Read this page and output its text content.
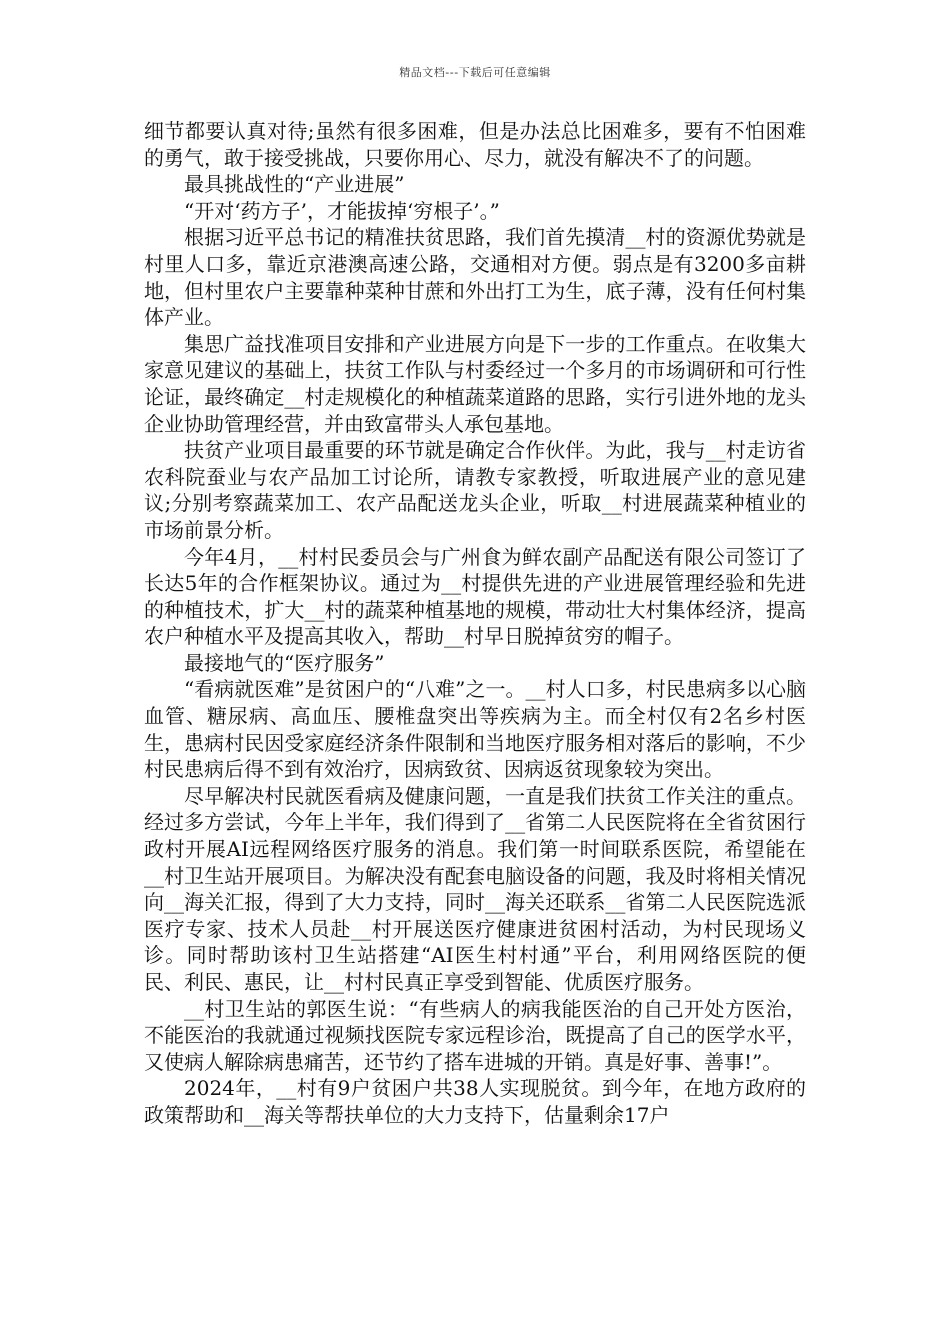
精品文档---下载后可任意编辑

细节都要认真对待;虽然有很多困难，但是办法总比困难多，要有不怕困难的勇气，敢于接受挑战，只要你用心、尽力，就没有解决不了的问题。

最具挑战性的“产业进展”

“开对‘药方子’，才能拔掉‘穷根子’。”

根据习近平总书记的精准扶贫思路，我们首先摸清__村的资源优势就是村里人口多，靠近京港澳高速公路，交通相对方便。弱点是有3200多亩耕地，但村里农户主要靠种菜种甘蔗和外出打工为生，底子薄，没有任何村集体产业。

集思广益找准项目安排和产业进展方向是下一步的工作重点。在收集大家意见建议的基础上，扶贫工作队与村委经过一个多月的市场调研和可行性论证，最终确定__村走规模化的种植蔬菜道路的思路，实行引进外地的龙头企业协助管理经营，并由致富带头人承包基地。

扶贫产业项目最重要的环节就是确定合作伙伴。为此，我与__村走访省农科院蚕业与农产品加工讨论所，请教专家教授，听取进展产业的意见建议;分别考察蔬菜加工、农产品配送龙头企业，听取__村进展蔬菜种植业的市场前景分析。

今年4月，__村村民委员会与广州食为鲜农副产品配送有限公司签订了长达5年的合作框架协议。通过为__村提供先进的产业进展管理经验和先进的种植技术，扩大__村的蔬菜种植基地的规模，带动壮大村集体经济，提高农户种植水平及提高其收入，帮助__村早日脱掉贫穷的帽子。

最接地气的“医疗服务”

“看病就医难”是贫困户的“八难”之一。__村人口多，村民患病多以心脑血管、糖尿病、高血压、腰椎盘突出等疾病为主。而全村仅有2名乡村医生，患病村民因受家庭经济条件限制和当地医疗服务相对落后的影响，不少村民患病后得不到有效治疗，因病致贫、因病返贫现象较为突出。

尽早解决村民就医看病及健康问题，一直是我们扶贫工作关注的重点。经过多方尝试，今年上半年，我们得到了__省第二人民医院将在全省贫困行政村开展AI远程网络医疗服务的消息。我们第一时间联系医院，希望能在__村卫生站开展项目。为解决没有配套电脑设备的问题，我及时将相关情况向__海关汇报，得到了大力支持，同时__海关还联系__省第二人民医院选派医疗专家、技术人员赴__村开展送医疗健康进贫困村活动，为村民现场义诊。同时帮助该村卫生站搭建“AI医生村村通”平台，利用网络医院的便民、利民、惠民，让__村村民真正享受到智能、优质医疗服务。

__村卫生站的郭医生说：“有些病人的病我能医治的自己开处方医治，不能医治的我就通过视频找医院专家远程诊治，既提高了自己的医学水平，又使病人解除病患痛苦，还节约了搭车进城的开销。真是好事、善事!”。

2024年，__村有9户贫困户共38人实现脱贫。到今年，在地方政府的政策帮助和__海关等帮扶单位的大力支持下，估量剩余17户
